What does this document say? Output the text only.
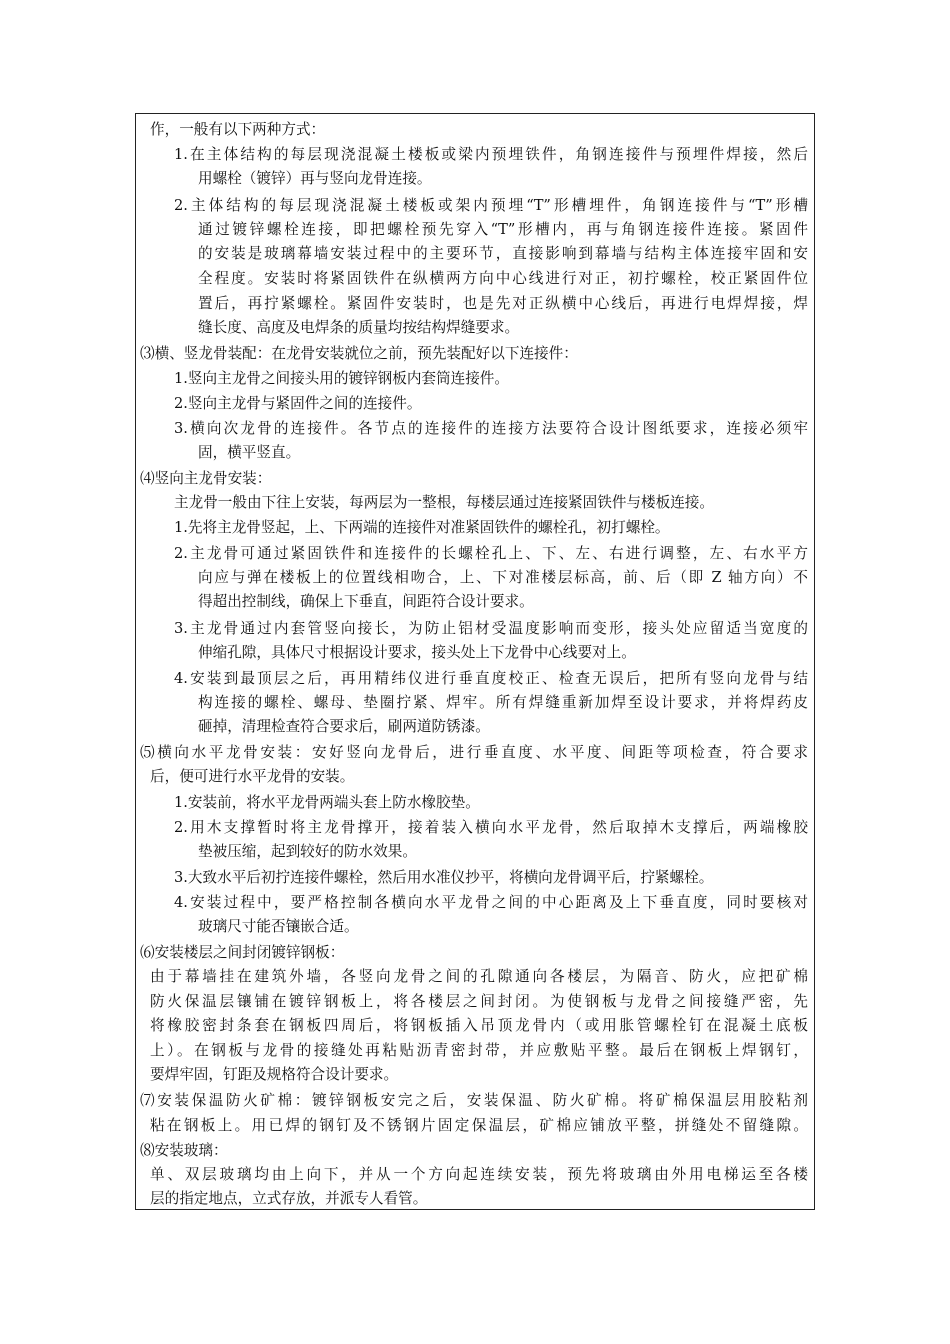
作，一般有以下两种方式：
1.在主体结构的每层现浇混凝土楼板或梁内预埋铁件，角钢连接件与预埋件焊接，然后
用螺栓（镀锌）再与竖向龙骨连接。
2.主体结构的每层现浇混凝土楼板或架内预埋“T”形槽埋件，角钢连接件与“T”形槽
通过镀锌螺栓连接，即把螺栓预先穿入“T”形槽内，再与角钢连接件连接。紧固件
的安装是玻璃幕墙安装过程中的主要环节，直接影响到幕墙与结构主体连接牢固和安
全程度。安装时将紧固铁件在纵横两方向中心线进行对正，初拧螺栓，校正紧固件位
置后，再拧紧螺栓。紧固件安装时，也是先对正纵横中心线后，再进行电焊焊接，焊
缝长度、高度及电焊条的质量均按结构焊缝要求。
⑶横、竖龙骨装配：在龙骨安装就位之前，预先装配好以下连接件：
1.竖向主龙骨之间接头用的镀锌钢板内套筒连接件。
2.竖向主龙骨与紧固件之间的连接件。
3.横向次龙骨的连接件。各节点的连接件的连接方法要符合设计图纸要求，连接必须牢
固，横平竖直。
⑷竖向主龙骨安装：
主龙骨一般由下往上安装，每两层为一整根，每楼层通过连接紧固铁件与楼板连接。
1.先将主龙骨竖起，上、下两端的连接件对准紧固铁件的螺栓孔，初打螺栓。
2.主龙骨可通过紧固铁件和连接件的长螺栓孔上、下、左、右进行调整，左、右水平方
向应与弹在楼板上的位置线相吻合，上、下对准楼层标高，前、后（即 Z 轴方向）不
得超出控制线，确保上下垂直，间距符合设计要求。
3.主龙骨通过内套管竖向接长，为防止铝材受温度影响而变形，接头处应留适当宽度的
伸缩孔隙，具体尺寸根据设计要求，接头处上下龙骨中心线要对上。
4.安装到最顶层之后，再用精纬仪进行垂直度校正、检查无误后，把所有竖向龙骨与结
构连接的螺栓、螺母、垫圈拧紧、焊牢。所有焊缝重新加焊至设计要求，并将焊药皮
砸掉，清理检查符合要求后，刷两道防锈漆。
⑸横向水平龙骨安装：安好竖向龙骨后，进行垂直度、水平度、间距等项检查，符合要求
后，便可进行水平龙骨的安装。
1.安装前，将水平龙骨两端头套上防水橡胶垫。
2.用木支撑暂时将主龙骨撑开，接着装入横向水平龙骨，然后取掉木支撑后，两端橡胶
垫被压缩，起到较好的防水效果。
3.大致水平后初拧连接件螺栓，然后用水准仪抄平，将横向龙骨调平后，拧紧螺栓。
4.安装过程中，要严格控制各横向水平龙骨之间的中心距离及上下垂直度，同时要核对
玻璃尺寸能否镶嵌合适。
⑹安装楼层之间封闭镀锌钢板：
由于幕墙挂在建筑外墙，各竖向龙骨之间的孔隙通向各楼层，为隔音、防火，应把矿棉
防火保温层镶铺在镀锌钢板上，将各楼层之间封闭。为使钢板与龙骨之间接缝严密，先
将橡胶密封条套在钢板四周后，将钢板插入吊顶龙骨内（或用胀管螺栓钉在混凝土底板
上）。在钢板与龙骨的接缝处再粘贴沥青密封带，并应敷贴平整。最后在钢板上焊钢钉，
要焊牢固，钉距及规格符合设计要求。
⑺安装保温防火矿棉：镀锌钢板安完之后，安装保温、防火矿棉。将矿棉保温层用胶粘剂
粘在钢板上。用已焊的钢钉及不锈钢片固定保温层，矿棉应铺放平整，拼缝处不留缝隙。
⑻安装玻璃：
单、双层玻璃均由上向下，并从一个方向起连续安装，预先将玻璃由外用电梯运至各楼
层的指定地点，立式存放，并派专人看管。
